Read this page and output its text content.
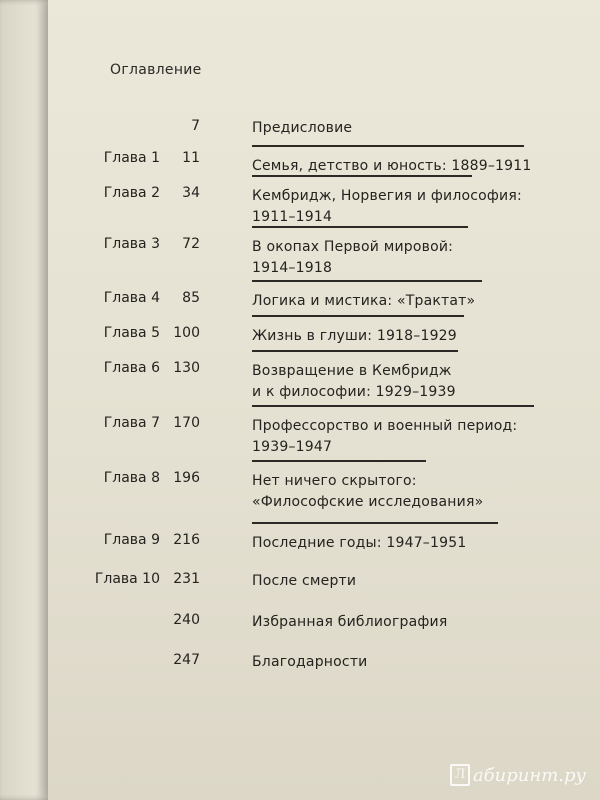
Оглавление
7	Предисловие
Глава 1 11	Семья, детство и юность: 1889–1911
Глава 2 34	Кембридж, Норвегия и философия:
1911–1914
Глава 3 72	В окопах Первой мировой:
1914–1918
Глава 4 85	Логика и мистика: «Трактат»
Глава 5 100	Жизнь в глуши: 1918–1929
Глава 6 130	Возвращение в Кембридж
и к философии: 1929–1939
Глава 7 170	Профессорство и военный период:
1939–1947
Глава 8 196	Нет ничего скрытого:
«Философские исследования»
Глава 9 216	Последние годы: 1947–1951
Глава 10 231	После смерти
240	Избранная библиография
247	Благодарности
Л абиринт.ру
